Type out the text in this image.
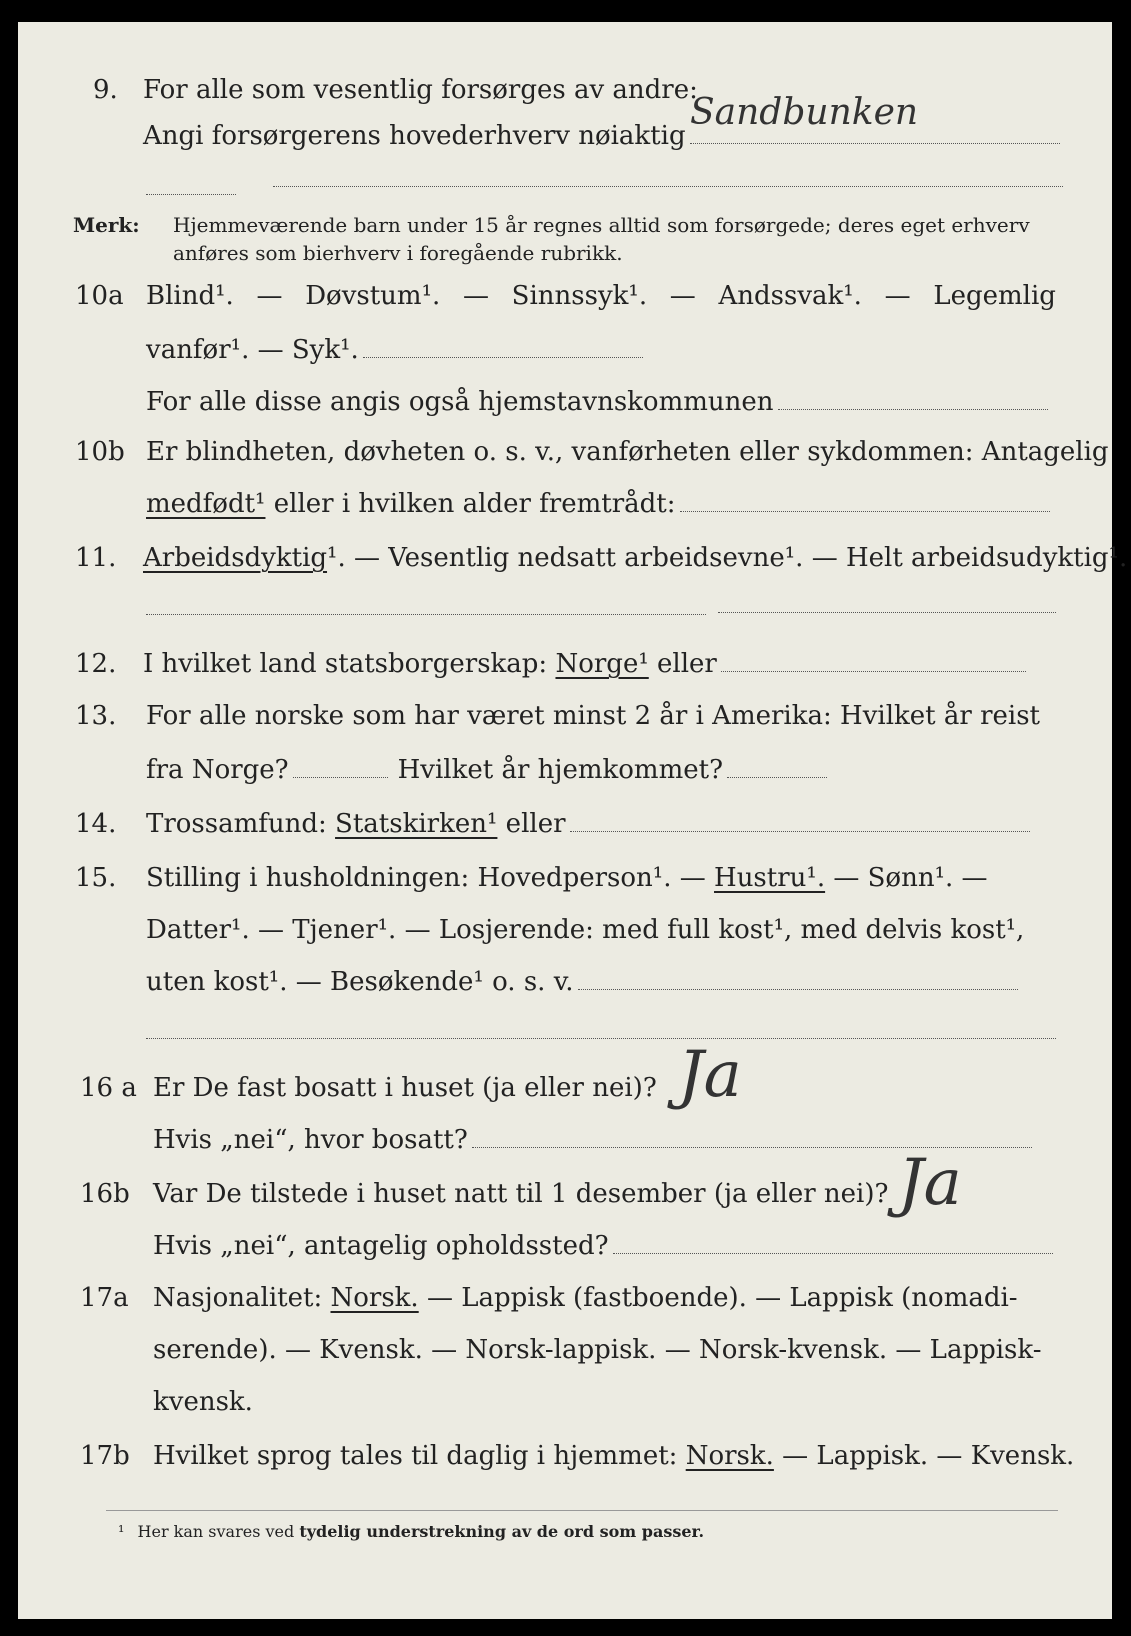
9. For alle som vesentlig forsørges av andre:
Angi forsørgerens hovederhverv nøiaktig
Sandbunken
Merk: Hjemmeværende barn under 15 år regnes alltid som forsørgede; deres eget erhverv
anføres som bierhverv i foregående rubrikk.
10a Blind¹. — Døvstum¹. — Sinnssyk¹. — Andssvak¹. — Legemlig
vanfør¹. — Syk¹.
For alle disse angis også hjemstavnskommunen
10b Er blindheten, døvheten o. s. v., vanførheten eller sykdommen: Antagelig
medfødt¹ eller i hvilken alder fremtrådt:
11. Arbeidsdyktig¹. — Vesentlig nedsatt arbeidsevne¹. — Helt arbeidsudyktig¹.
12. I hvilket land statsborgerskap: Norge¹ eller
13. For alle norske som har været minst 2 år i Amerika: Hvilket år reist
fra Norge?	Hvilket år hjemkommet?
14. Trossamfund: Statskirken¹ eller
15. Stilling i husholdningen: Hovedperson¹. — Hustru¹. — Sønn¹. —
Datter¹. — Tjener¹. — Losjerende: med full kost¹, med delvis kost¹,
uten kost¹. — Besøkende¹ o. s. v.
16 a Er De fast bosatt i huset (ja eller nei)? Ja
Hvis „nei“, hvor bosatt?
16b Var De tilstede i huset natt til 1 desember (ja eller nei)? Ja
Hvis „nei“, antagelig opholdssted?
17a Nasjonalitet: Norsk. — Lappisk (fastboende). — Lappisk (nomadi-
serende). — Kvensk. — Norsk-lappisk. — Norsk-kvensk. — Lappisk-
kvensk.
17b Hvilket sprog tales til daglig i hjemmet: Norsk. — Lappisk. — Kvensk.
¹ Her kan svares ved tydelig understrekning av de ord som passer.
